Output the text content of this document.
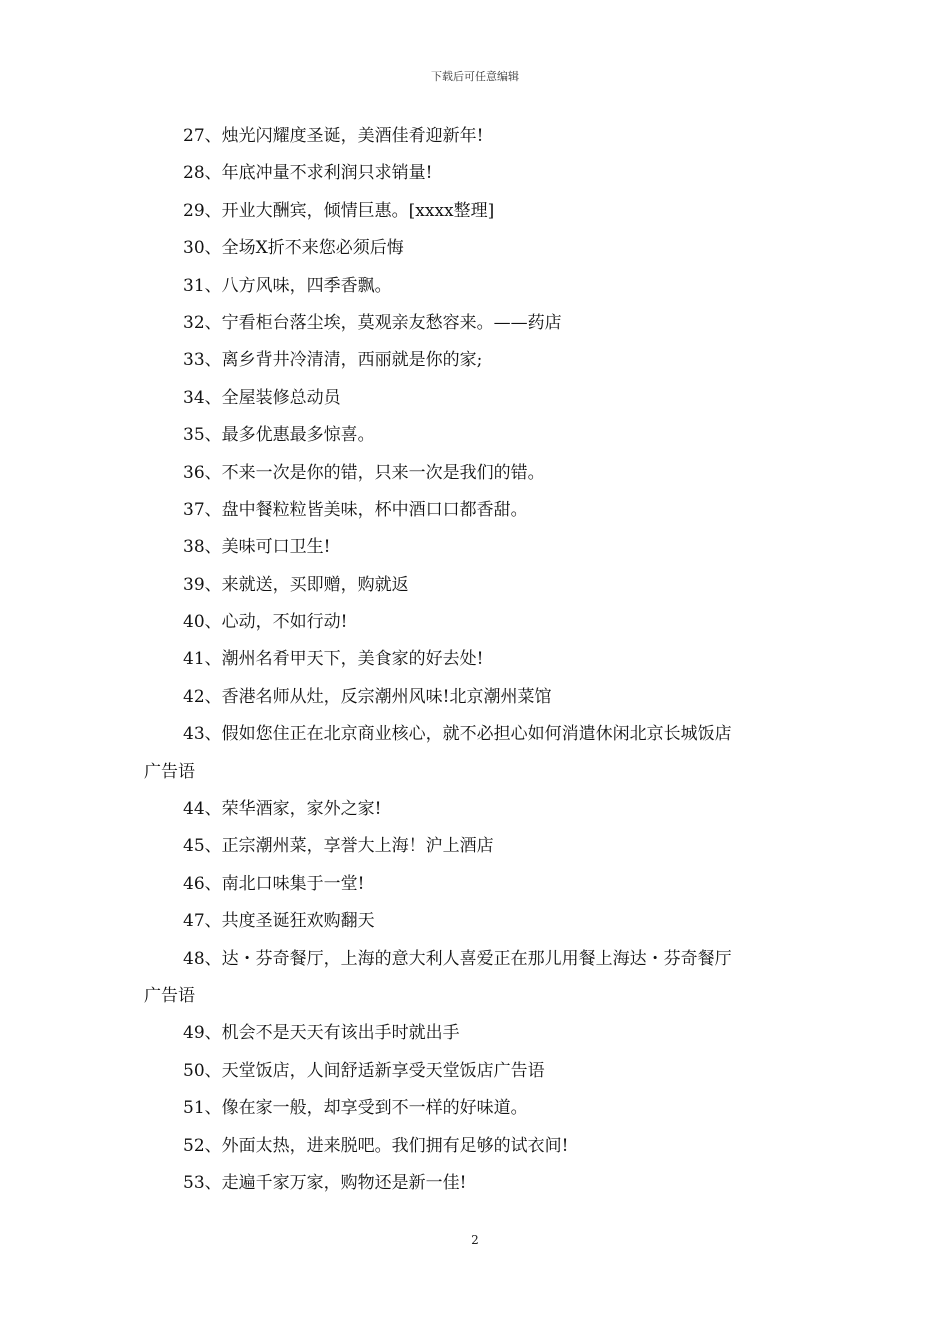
下载后可任意编辑
27、烛光闪耀度圣诞，美酒佳肴迎新年!
28、年底冲量不求利润只求销量!
29、开业大酬宾，倾情巨惠。[xxxx整理]
30、全场X折不来您必须后悔
31、八方风味，四季香飘。
32、宁看柜台落尘埃，莫观亲友愁容来。——药店
33、离乡背井冷清清，西丽就是你的家;
34、全屋装修总动员
35、最多优惠最多惊喜。
36、不来一次是你的错，只来一次是我们的错。
37、盘中餐粒粒皆美味，杯中酒口口都香甜。
38、美味可口卫生!
39、来就送，买即赠，购就返
40、心动，不如行动!
41、潮州名肴甲天下，美食家的好去处!
42、香港名师从灶，反宗潮州风味!北京潮州菜馆
43、假如您住正在北京商业核心，就不必担心如何消遣休闲北京长城饭店
广告语
44、荣华酒家，家外之家!
45、正宗潮州菜，享誉大上海！沪上酒店
46、南北口味集于一堂!
47、共度圣诞狂欢购翻天
48、达・芬奇餐厅，上海的意大利人喜爱正在那儿用餐上海达・芬奇餐厅
广告语
49、机会不是天天有该出手时就出手
50、天堂饭店，人间舒适新享受天堂饭店广告语
51、像在家一般，却享受到不一样的好味道。
52、外面太热，进来脱吧。我们拥有足够的试衣间!
53、走遍千家万家，购物还是新一佳!
2
